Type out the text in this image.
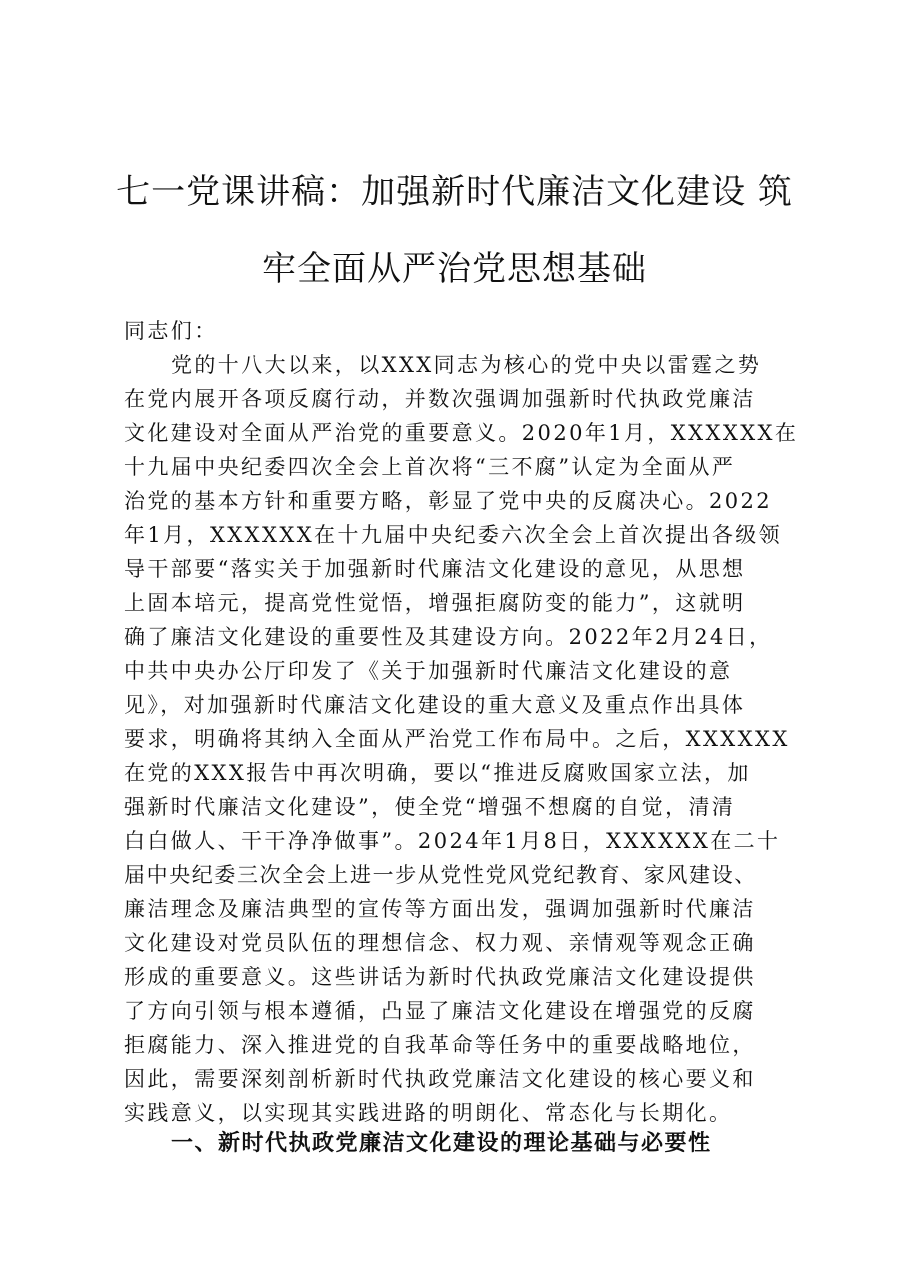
七一党课讲稿：加强新时代廉洁文化建设 筑
牢全面从严治党思想基础
同志们：
党的十八大以来，以XXX同志为核心的党中央以雷霆之势
在党内展开各项反腐行动，并数次强调加强新时代执政党廉洁
文化建设对全面从严治党的重要意义。2020年1月，XXXXXX在
十九届中央纪委四次全会上首次将“三不腐”认定为全面从严
治党的基本方针和重要方略，彰显了党中央的反腐决心。2022
年1月，XXXXXX在十九届中央纪委六次全会上首次提出各级领
导干部要“落实关于加强新时代廉洁文化建设的意见，从思想
上固本培元，提高党性觉悟，增强拒腐防变的能力”，这就明
确了廉洁文化建设的重要性及其建设方向。2022年2月24日，
中共中央办公厅印发了《关于加强新时代廉洁文化建设的意
见》，对加强新时代廉洁文化建设的重大意义及重点作出具体
要求，明确将其纳入全面从严治党工作布局中。之后，XXXXXX
在党的XXX报告中再次明确，要以“推进反腐败国家立法，加
强新时代廉洁文化建设”，使全党“增强不想腐的自觉，清清
白白做人、干干净净做事”。2024年1月8日，XXXXXX在二十
届中央纪委三次全会上进一步从党性党风党纪教育、家风建设、
廉洁理念及廉洁典型的宣传等方面出发，强调加强新时代廉洁
文化建设对党员队伍的理想信念、权力观、亲情观等观念正确
形成的重要意义。这些讲话为新时代执政党廉洁文化建设提供
了方向引领与根本遵循，凸显了廉洁文化建设在增强党的反腐
拒腐能力、深入推进党的自我革命等任务中的重要战略地位，
因此，需要深刻剖析新时代执政党廉洁文化建设的核心要义和
实践意义，以实现其实践进路的明朗化、常态化与长期化。
一、新时代执政党廉洁文化建设的理论基础与必要性
